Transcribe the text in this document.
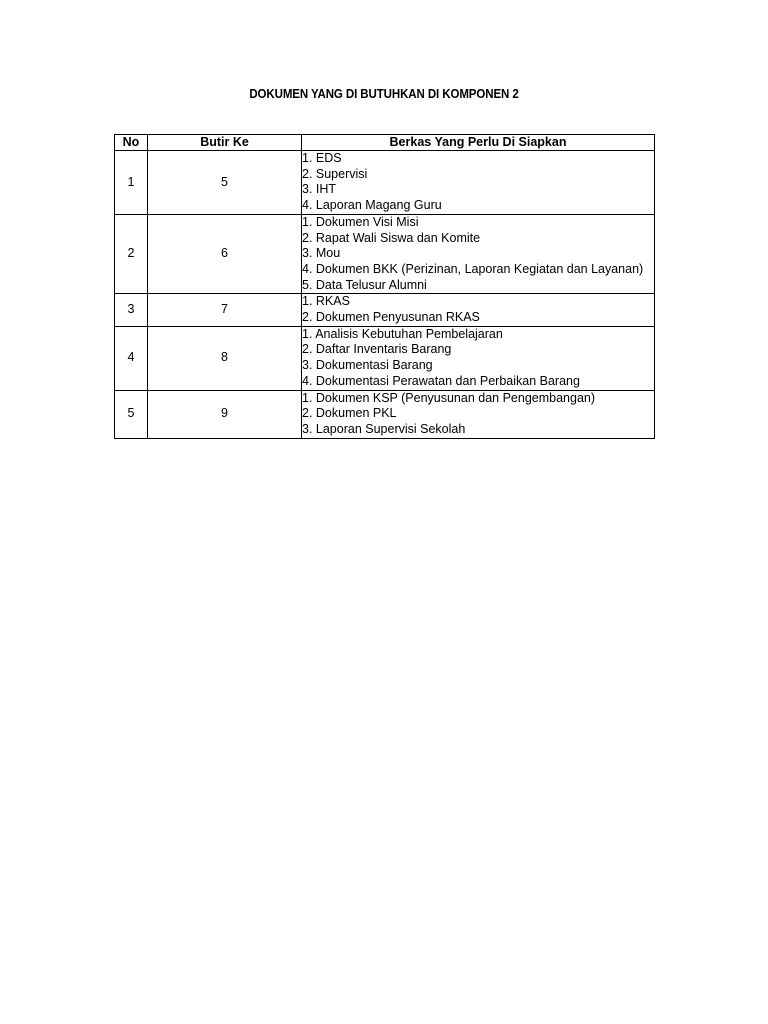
DOKUMEN YANG DI BUTUHKAN DI KOMPONEN 2
No	Butir Ke	Berkas Yang Perlu Di Siapkan
1	5	1. EDS
2. Supervisi
3. IHT
4. Laporan Magang Guru

2	6	1. Dokumen Visi Misi
2. Rapat Wali Siswa dan Komite
3. Mou
4. Dokumen BKK (Perizinan, Laporan Kegiatan dan Layanan)
5. Data Telusur Alumni

3	7	1. RKAS
2. Dokumen Penyusunan RKAS

4	8	1. Analisis Kebutuhan Pembelajaran
2. Daftar Inventaris Barang
3. Dokumentasi Barang
4. Dokumentasi Perawatan dan Perbaikan Barang

5	9	1. Dokumen KSP (Penyusunan dan Pengembangan)
2. Dokumen PKL
3. Laporan Supervisi Sekolah
